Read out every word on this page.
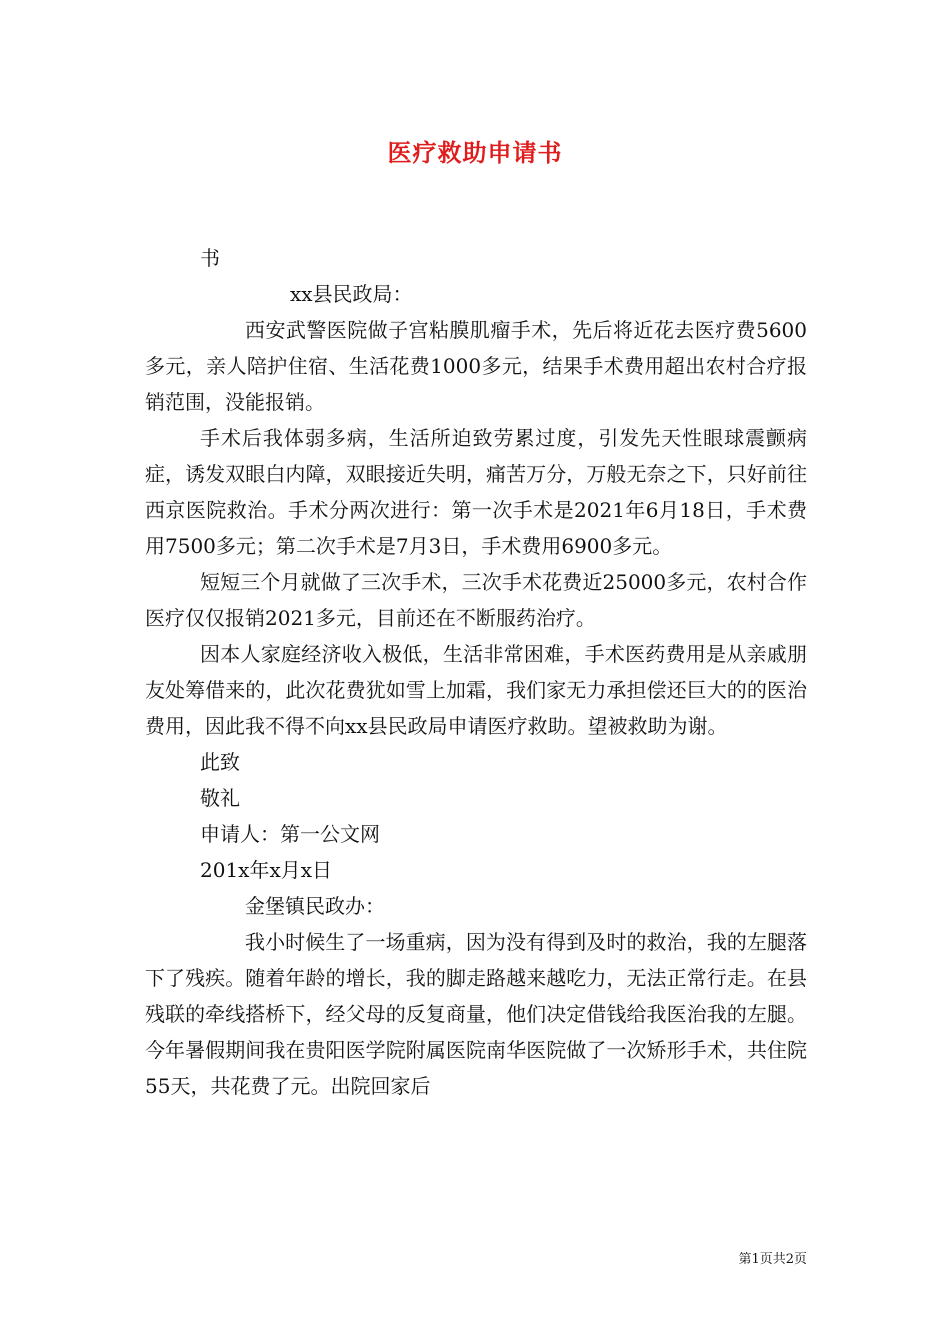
医疗救助申请书

书

xx县民政局：

西安武警医院做子宫粘膜肌瘤手术，先后将近花去医疗费5600多元，亲人陪护住宿、生活花费1000多元，结果手术费用超出农村合疗报销范围，没能报销。

手术后我体弱多病，生活所迫致劳累过度，引发先天性眼球震颤病症，诱发双眼白内障，双眼接近失明，痛苦万分，万般无奈之下，只好前往西京医院救治。手术分两次进行：第一次手术是2021年6月18日，手术费用7500多元；第二次手术是7月3日，手术费用6900多元。

短短三个月就做了三次手术，三次手术花费近25000多元，农村合作医疗仅仅报销2021多元，目前还在不断服药治疗。

因本人家庭经济收入极低，生活非常困难，手术医药费用是从亲戚朋友处筹借来的，此次花费犹如雪上加霜，我们家无力承担偿还巨大的的医治费用，因此我不得不向xx县民政局申请医疗救助。望被救助为谢。

此致

敬礼

申请人：第一公文网

201x年x月x日

金堡镇民政办：

我小时候生了一场重病，因为没有得到及时的救治，我的左腿落下了残疾。随着年龄的增长，我的脚走路越来越吃力，无法正常行走。在县残联的牵线搭桥下，经父母的反复商量，他们决定借钱给我医治我的左腿。今年暑假期间我在贵阳医学院附属医院南华医院做了一次矫形手术，共住院55天，共花费了元。出院回家后

第1页共2页
